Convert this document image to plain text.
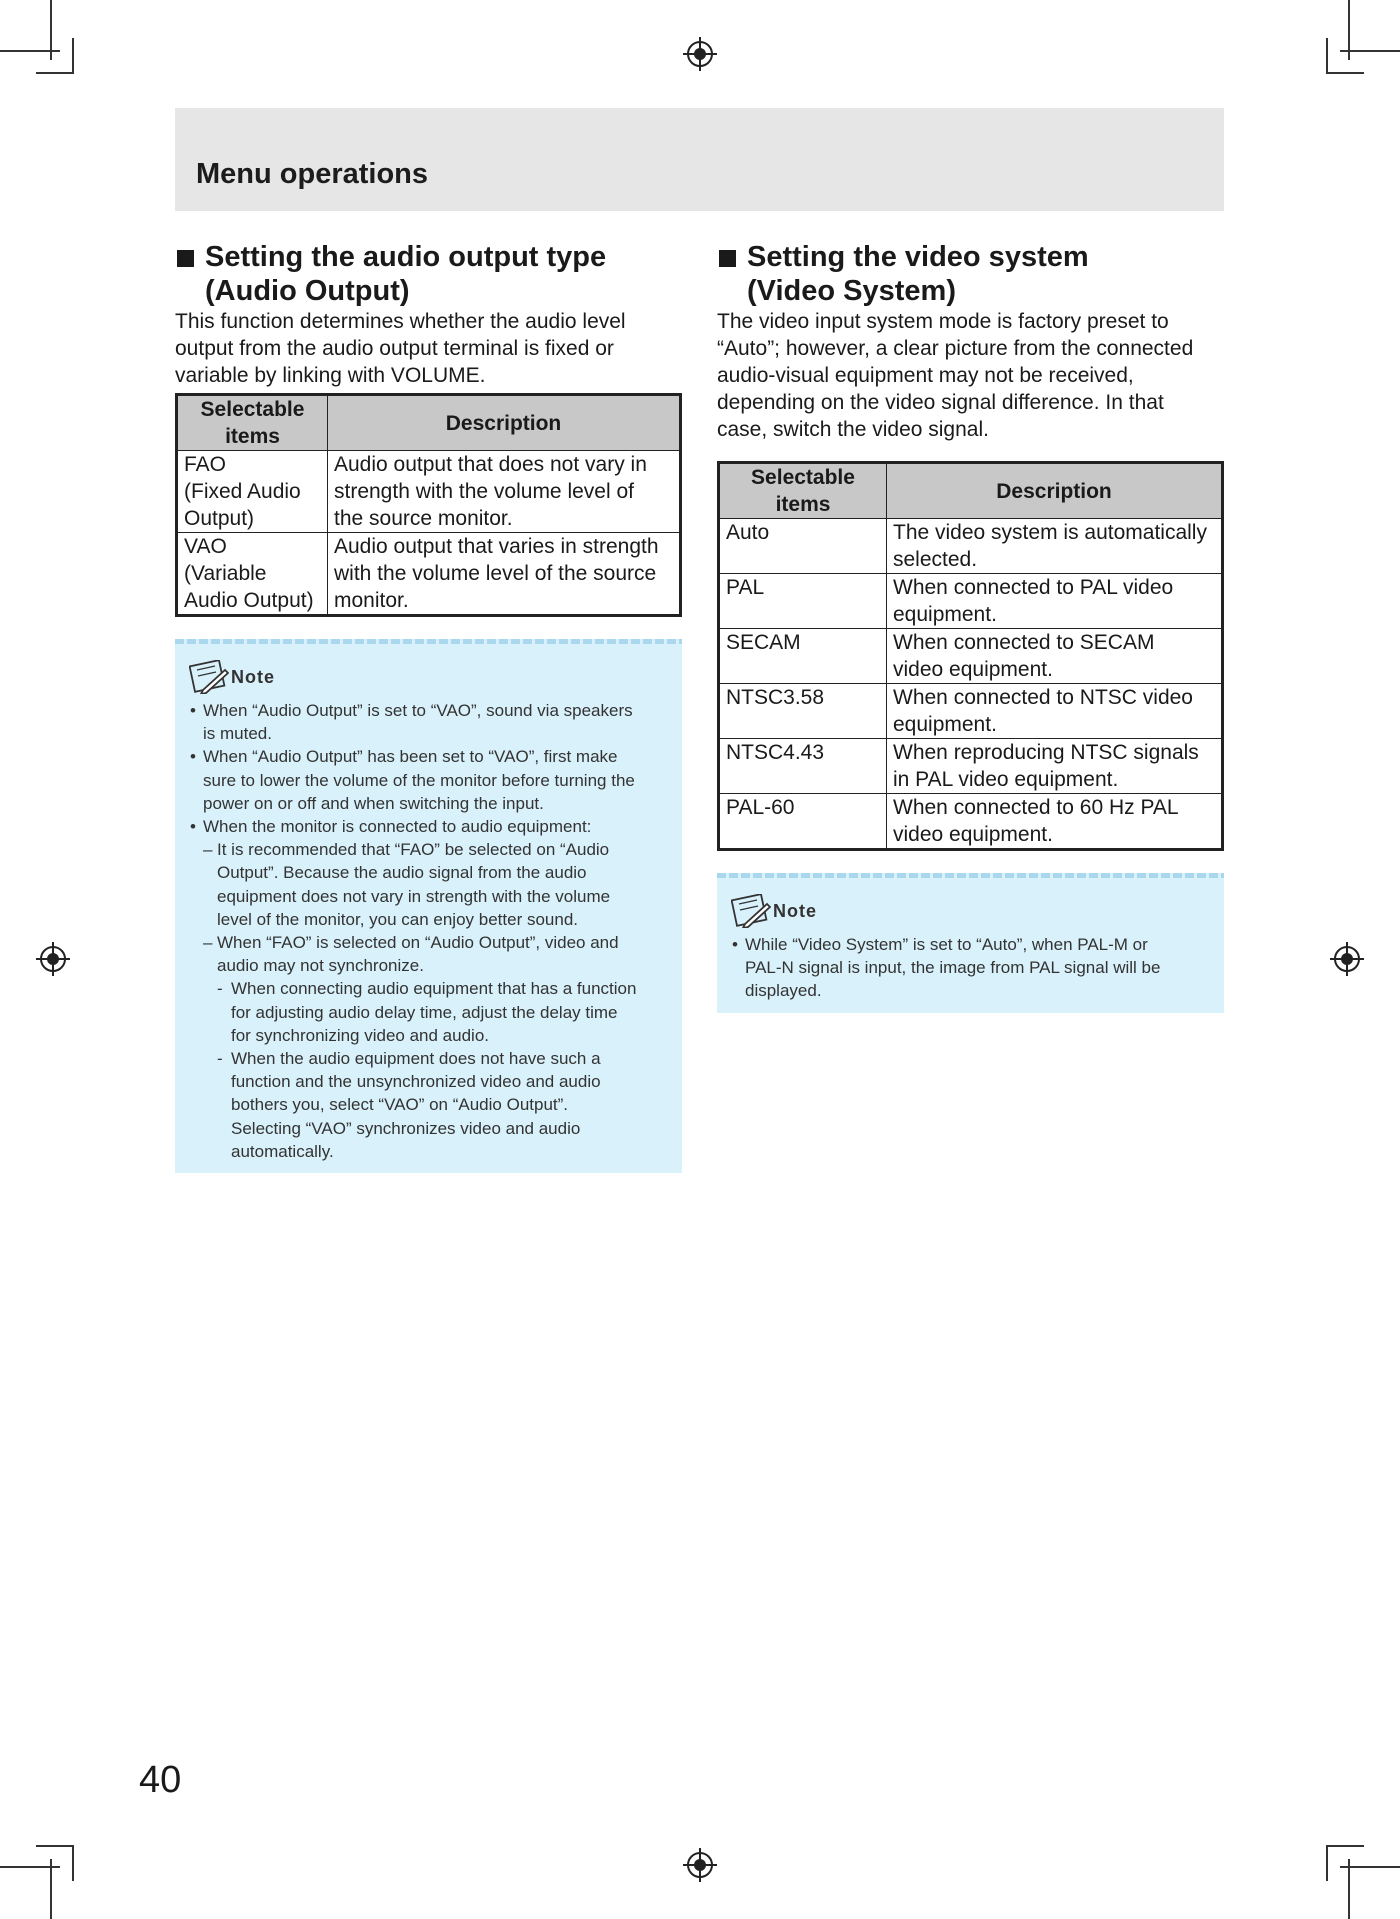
Menu operations
Setting the audio output type
(Audio Output)

This function determines whether the audio level
output from the audio output terminal is fixed or
variable by linking with VOLUME.

Selectable
items	Description
FAO
(Fixed Audio
Output)	Audio output that does not vary in
strength with the volume level of
the source monitor.
VAO
(Variable
Audio Output)	Audio output that varies in strength
with the volume level of the source
monitor.
Note
• When “Audio Output” is set to “VAO”, sound via speakers
is muted.
• When “Audio Output” has been set to “VAO”, first make
sure to lower the volume of the monitor before turning the
power on or off and when switching the input.
• When the monitor is connected to audio equipment:
– It is recommended that “FAO” be selected on “Audio
Output”. Because the audio signal from the audio
equipment does not vary in strength with the volume
level of the monitor, you can enjoy better sound.
– When “FAO” is selected on “Audio Output”, video and
audio may not synchronize.
- When connecting audio equipment that has a function
for adjusting audio delay time, adjust the delay time
for synchronizing video and audio.
- When the audio equipment does not have such a
function and the unsynchronized video and audio
bothers you, select “VAO” on “Audio Output”.
Selecting “VAO” synchronizes video and audio
automatically.
Setting the video system
(Video System)

The video input system mode is factory preset to
“Auto”; however, a clear picture from the connected
audio-visual equipment may not be received,
depending on the video signal difference. In that
case, switch the video signal.

Selectable
items	Description
Auto	The video system is automatically
selected.
PAL	When connected to PAL video
equipment.
SECAM	When connected to SECAM
video equipment.
NTSC3.58	When connected to NTSC video
equipment.
NTSC4.43	When reproducing NTSC signals
in PAL video equipment.
PAL-60	When connected to 60 Hz PAL
video equipment.
Note
• While “Video System” is set to “Auto”, when PAL-M or
PAL-N signal is input, the image from PAL signal will be
displayed.
40
